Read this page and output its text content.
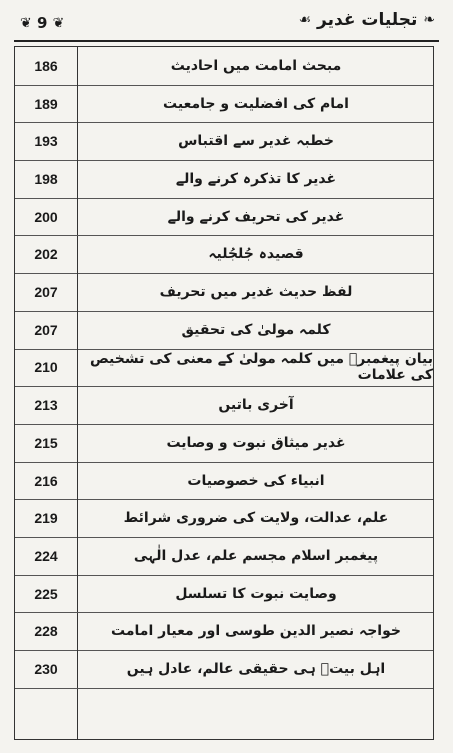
❦ 9 ❦	❧ تجلیات غدیر ☙
186	مبحث امامت میں احادیث
189	امام کی افضلیت و جامعیت
193	خطبہ غدیر سے اقتباس
198	غدیر کا تذکرہ کرنے والے
200	غدیر کی تحریف کرنے والے
202	قصیدہ جُلجُلیہ
207	لفظ حدیث غدیر میں تحریف
207	کلمہ مولیٰ کی تحقیق
210	بیان پیغمبرؐ میں کلمہ مولیٰ کے معنی کی تشخیص کی علامات
213	آخری باتیں
215	غدیر میثاق نبوت و وصایت
216	انبیاء کی خصوصیات
219	علم، عدالت، ولایت کی ضروری شرائط
224	پیغمبر اسلام مجسم علم، عدل الٰہی
225	وصایت نبوت کا تسلسل
228	خواجہ نصیر الدین طوسی اور معیار امامت
230	اہل بیتؑ ہی حقیقی عالم، عادل ہیں
